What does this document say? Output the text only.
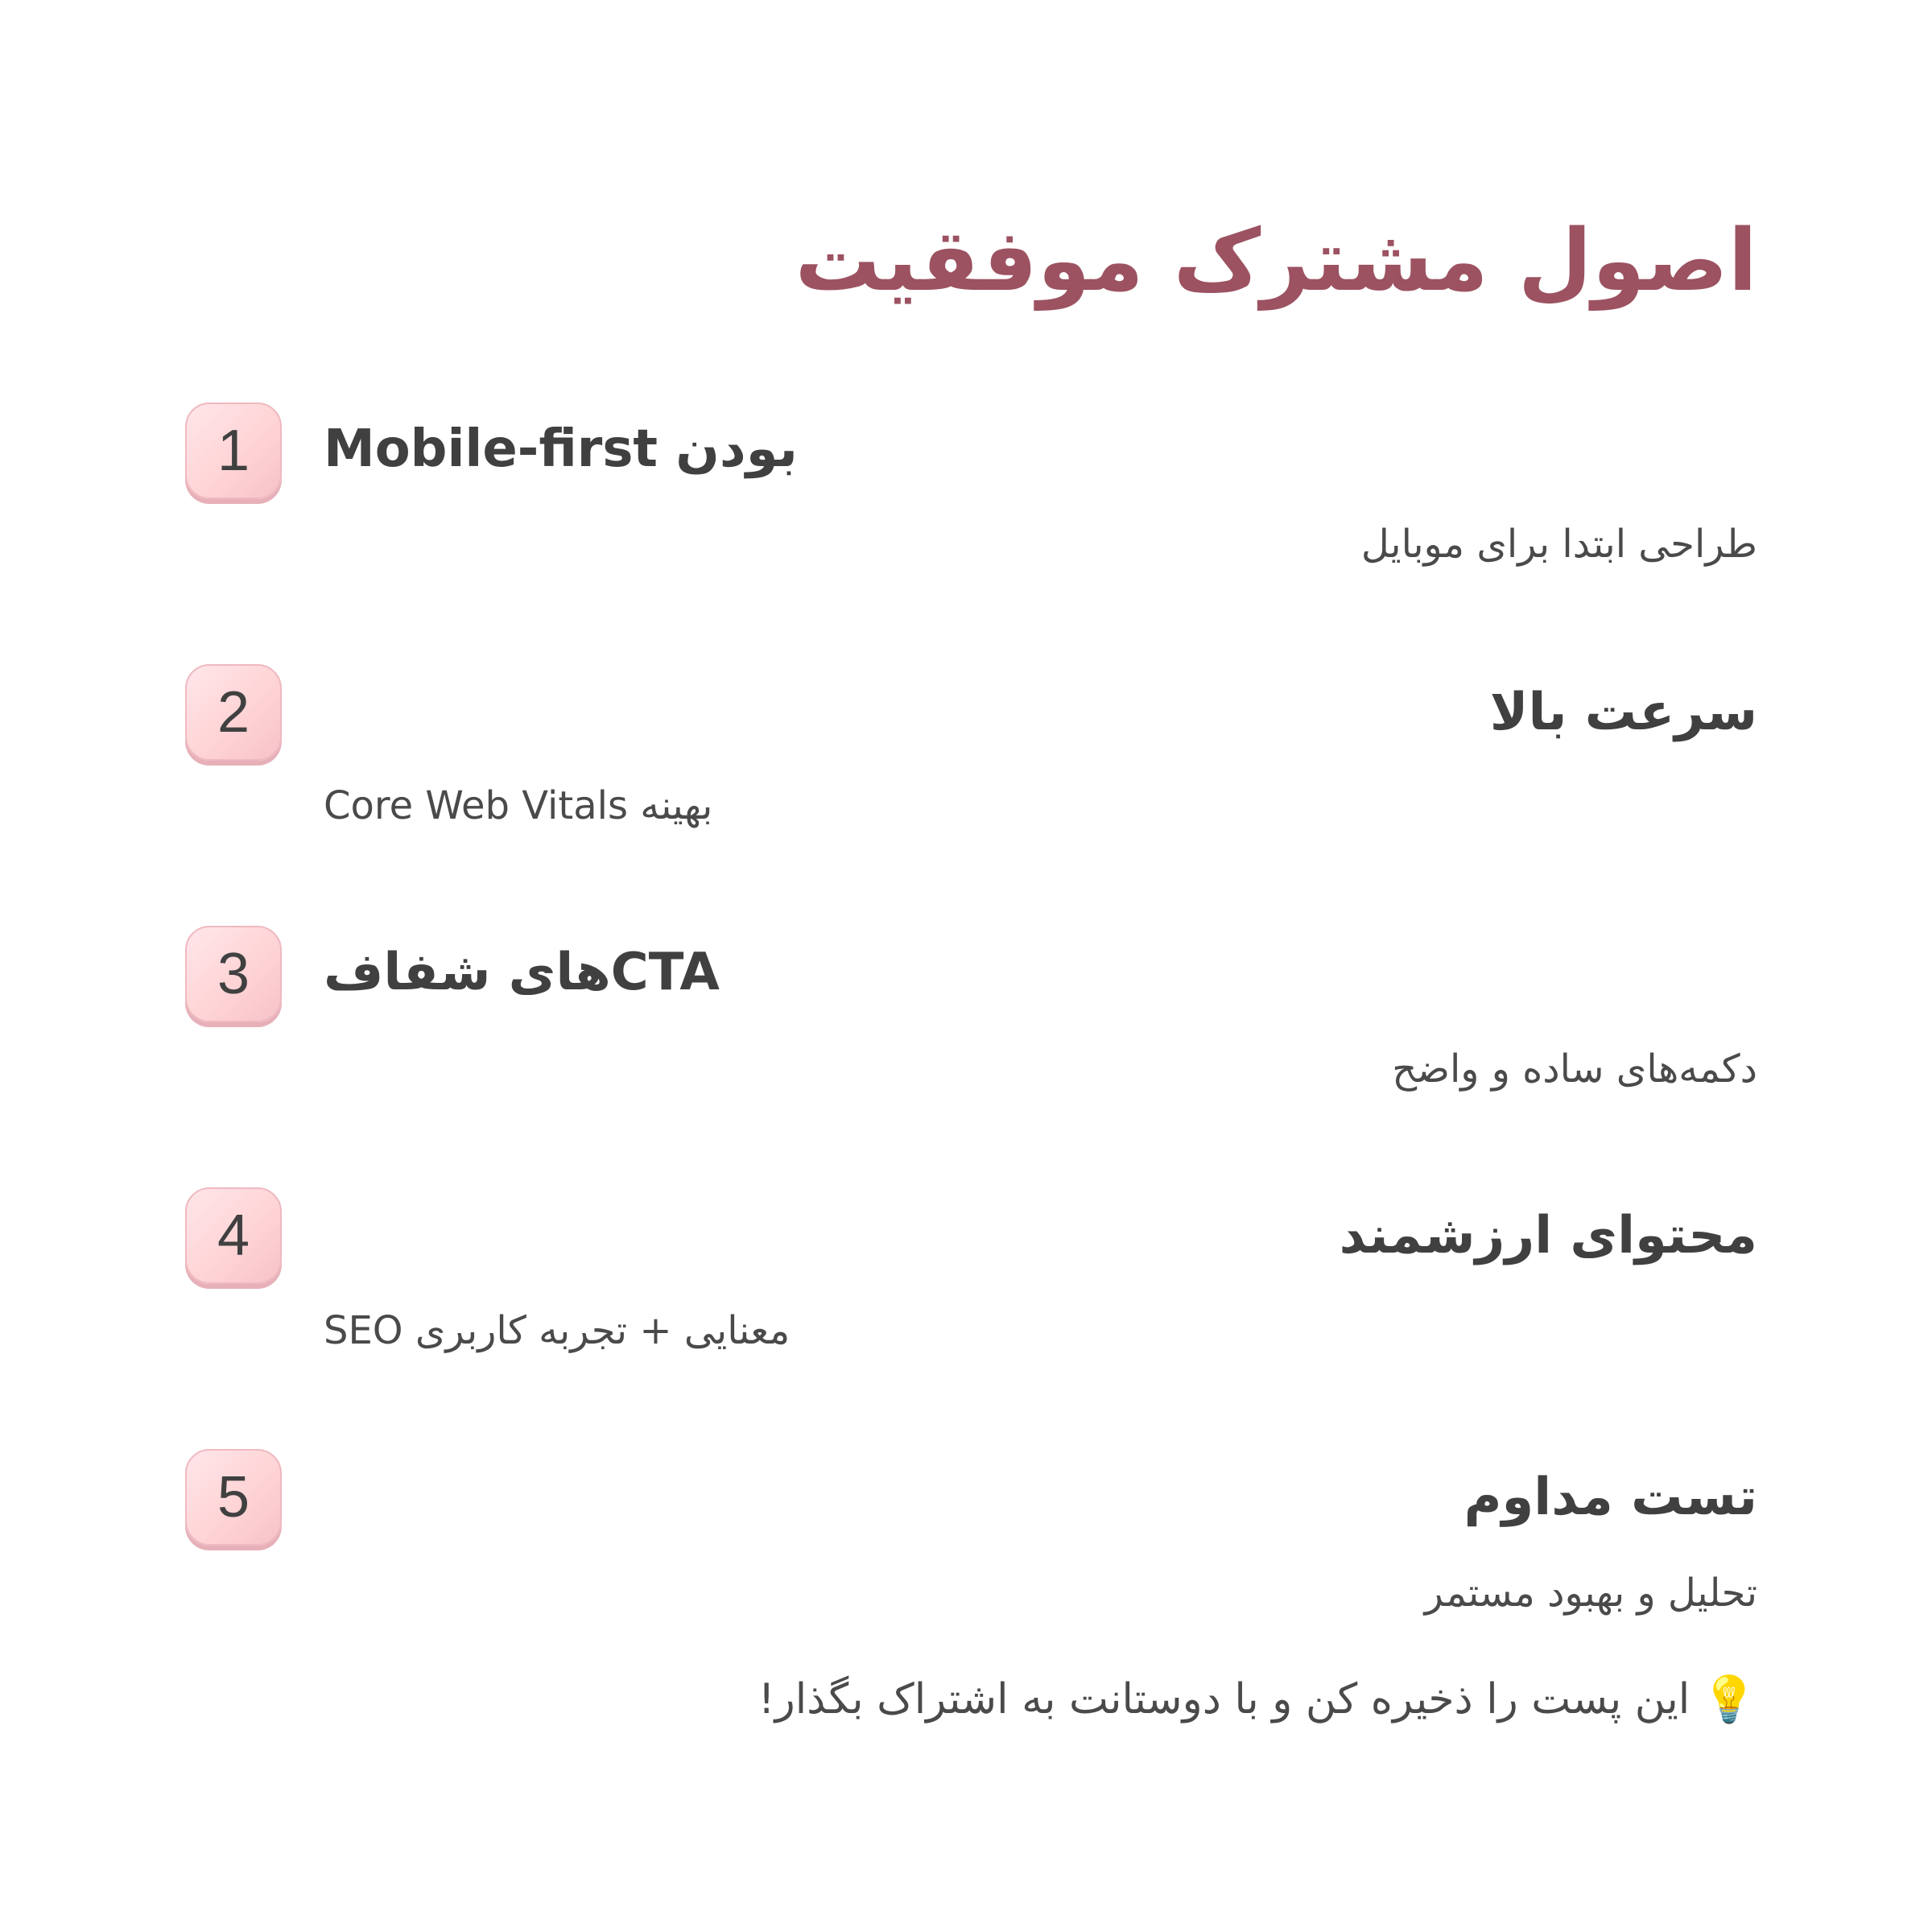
اصول مشترک موفقیت
1	بودن Mobile-first
طراحی ابتدا برای موبایل
2	سرعت بالا
بهینه Core Web Vitals
3	CTAهای شفاف
دکمه‌های ساده و واضح
4	محتوای ارزشمند
معنایی + تجربه کاربری SEO
5	تست مداوم
تحلیل و بهبود مستمر
💡
این پست را ذخیره کن و با دوستانت به اشتراک بگذار!
